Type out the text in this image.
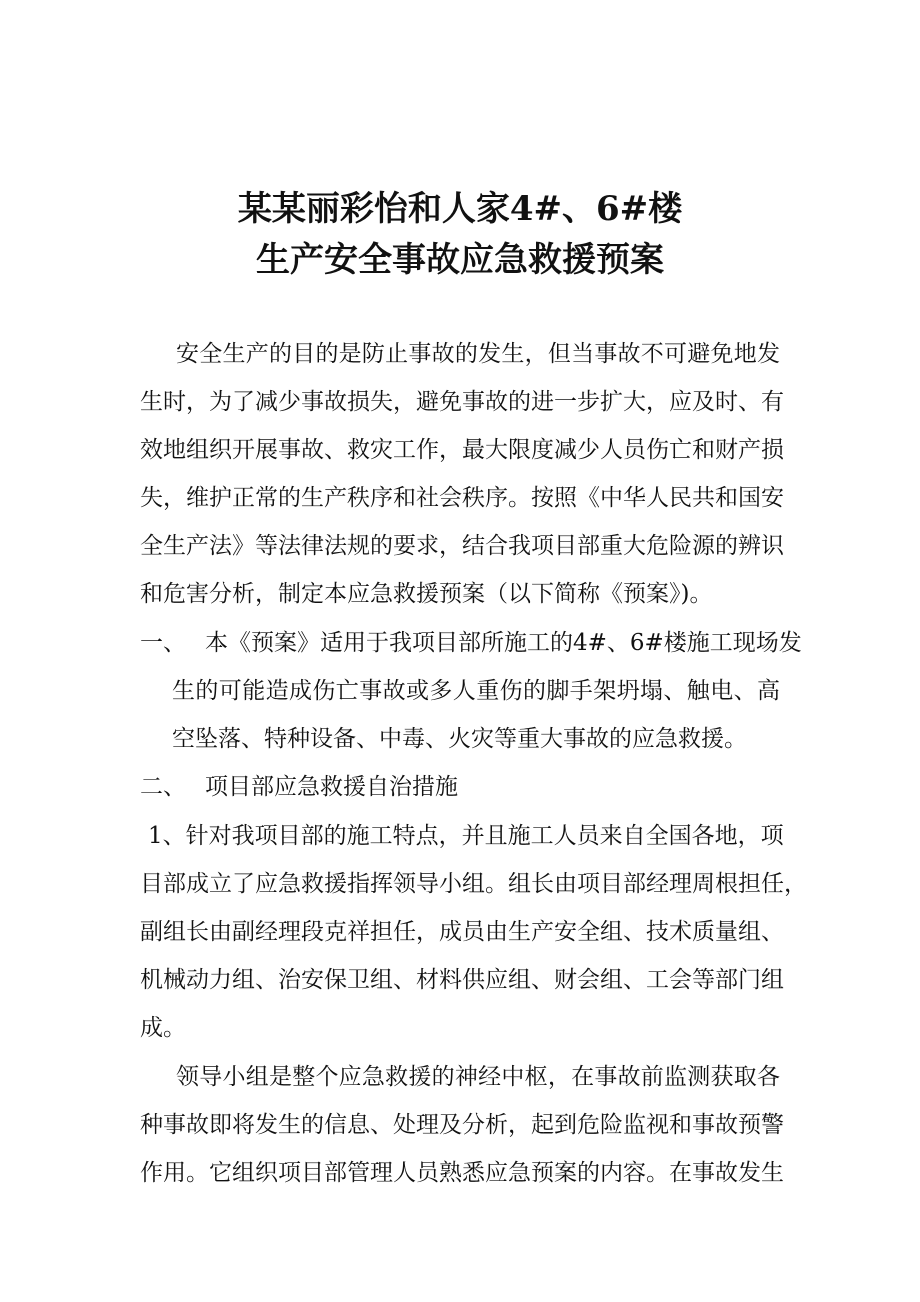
某某丽彩怡和人家4#、6#楼
生产安全事故应急救援预案
安全生产的目的是防止事故的发生，但当事故不可避免地发
生时，为了减少事故损失，避免事故的进一步扩大，应及时、有
效地组织开展事故、救灾工作，最大限度减少人员伤亡和财产损
失，维护正常的生产秩序和社会秩序。按照《中华人民共和国安
全生产法》等法律法规的要求，结合我项目部重大危险源的辨识
和危害分析，制定本应急救援预案（以下简称《预案》)。
一、 本《预案》适用于我项目部所施工的4#、6#楼施工现场发
生的可能造成伤亡事故或多人重伤的脚手架坍塌、触电、高
空坠落、特种设备、中毒、火灾等重大事故的应急救援。
二、 项目部应急救援自治措施
1、针对我项目部的施工特点，并且施工人员来自全国各地，项
目部成立了应急救援指挥领导小组。组长由项目部经理周根担任，
副组长由副经理段克祥担任，成员由生产安全组、技术质量组、
机械动力组、治安保卫组、材料供应组、财会组、工会等部门组
成。
领导小组是整个应急救援的神经中枢，在事故前监测获取各
种事故即将发生的信息、处理及分析，起到危险监视和事故预警
作用。它组织项目部管理人员熟悉应急预案的内容。在事故发生
